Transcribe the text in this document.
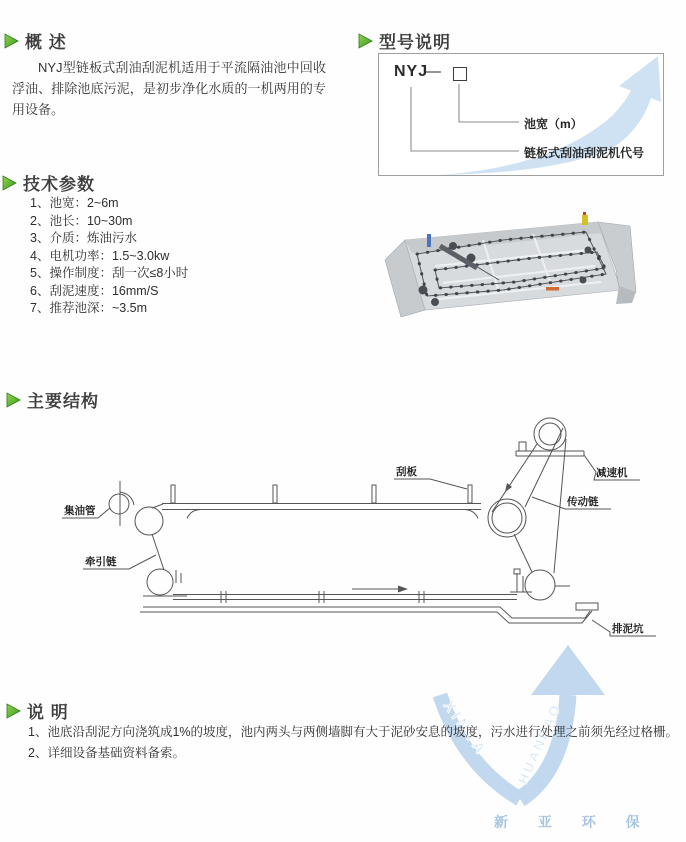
XINYA HUANBAO
新 亚 环 保
概 述
NYJ型链板式刮油刮泥机适用于平流隔油池中回收浮油、排除池底污泥，是初步净化水质的一机两用的专用设备。
型号说明
NYJ
—
池宽（m）
链板式刮油刮泥机代号
技术参数
1、池宽：2~6m
2、池长：10~30m
3、介质：炼油污水
4、电机功率：1.5~3.0kw
5、操作制度：刮一次≤8小时
6、刮泥速度：16mm/S
7、推荐池深：~3.5m
主要结构
集油管
刮板	减速机
传动链
牵引链
排泥坑
说 明
1、池底沿刮泥方向浇筑成1%的坡度，池内两头与两侧墙脚有大于泥砂安息的坡度，污水进行处理之前须先经过格栅。
2、详细设备基础资料备索。
